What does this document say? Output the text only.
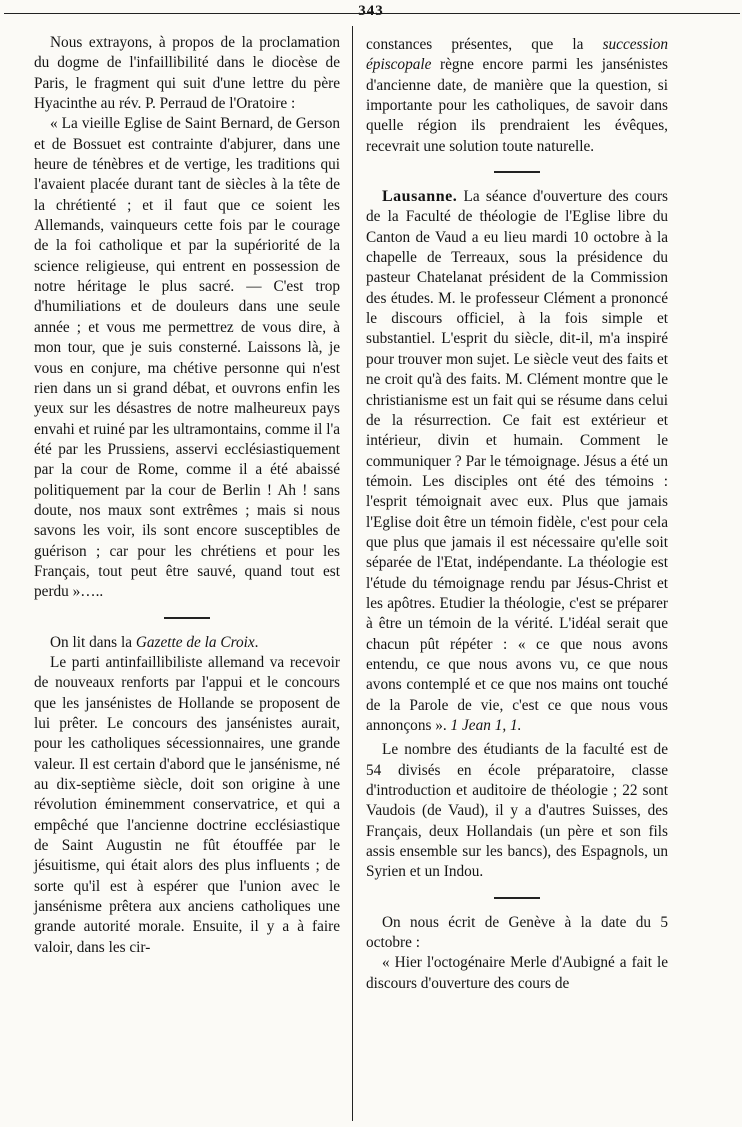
343

Nous extrayons, à propos de la proclamation du dogme de l'infaillibilité dans le diocèse de Paris, le fragment qui suit d'une lettre du père Hyacinthe au rév. P. Perraud de l'Oratoire :

« La vieille Eglise de Saint Bernard, de Gerson et de Bossuet est contrainte d'abjurer, dans une heure de ténèbres et de vertige, les traditions qui l'avaient placée durant tant de siècles à la tête de la chrétienté ; et il faut que ce soient les Allemands, vainqueurs cette fois par le courage de la foi catholique et par la supériorité de la science religieuse, qui entrent en possession de notre héritage le plus sacré. — C'est trop d'humiliations et de douleurs dans une seule année ; et vous me permettrez de vous dire, à mon tour, que je suis consterné. Laissons là, je vous en conjure, ma chétive personne qui n'est rien dans un si grand débat, et ouvrons enfin les yeux sur les désastres de notre malheureux pays envahi et ruiné par les ultramontains, comme il l'a été par les Prussiens, asservi ecclésiastiquement par la cour de Rome, comme il a été abaissé politiquement par la cour de Berlin ! Ah ! sans doute, nos maux sont extrêmes ; mais si nous savons les voir, ils sont encore susceptibles de guérison ; car pour les chrétiens et pour les Français, tout peut être sauvé, quand tout est perdu »…..

On lit dans la Gazette de la Croix.

Le parti antinfaillibiliste allemand va recevoir de nouveaux renforts par l'appui et le concours que les jansénistes de Hollande se proposent de lui prêter. Le concours des jansénistes aurait, pour les catholiques sécessionnaires, une grande valeur. Il est certain d'abord que le jansénisme, né au dix-septième siècle, doit son origine à une révolution éminemment conservatrice, et qui a empêché que l'ancienne doctrine ecclésiastique de Saint Augustin ne fût étouffée par le jésuitisme, qui était alors des plus influents ; de sorte qu'il est à espérer que l'union avec le jansénisme prêtera aux anciens catholiques une grande autorité morale. Ensuite, il y a à faire valoir, dans les cir-

constances présentes, que la succession épiscopale règne encore parmi les jansénistes d'ancienne date, de manière que la question, si importante pour les catholiques, de savoir dans quelle région ils prendraient les évêques, recevrait une solution toute naturelle.

Lausanne. La séance d'ouverture des cours de la Faculté de théologie de l'Eglise libre du Canton de Vaud a eu lieu mardi 10 octobre à la chapelle de Terreaux, sous la présidence du pasteur Chatelanat président de la Commission des études. M. le professeur Clément a prononcé le discours officiel, à la fois simple et substantiel. L'esprit du siècle, dit-il, m'a inspiré pour trouver mon sujet. Le siècle veut des faits et ne croit qu'à des faits. M. Clément montre que le christianisme est un fait qui se résume dans celui de la résurrection. Ce fait est extérieur et intérieur, divin et humain. Comment le communiquer ? Par le témoignage. Jésus a été un témoin. Les disciples ont été des témoins : l'esprit témoignait avec eux. Plus que jamais l'Eglise doit être un témoin fidèle, c'est pour cela que plus que jamais il est nécessaire qu'elle soit séparée de l'Etat, indépendante. La théologie est l'étude du témoignage rendu par Jésus-Christ et les apôtres. Etudier la théologie, c'est se préparer à être un témoin de la vérité. L'idéal serait que chacun pût répéter : « ce que nous avons entendu, ce que nous avons vu, ce que nous avons contemplé et ce que nos mains ont touché de la Parole de vie, c'est ce que nous vous annonçons ». 1 Jean 1, 1.

Le nombre des étudiants de la faculté est de 54 divisés en école préparatoire, classe d'introduction et auditoire de théologie ; 22 sont Vaudois (de Vaud), il y a d'autres Suisses, des Français, deux Hollandais (un père et son fils assis ensemble sur les bancs), des Espagnols, un Syrien et un Indou.

On nous écrit de Genève à la date du 5 octobre :

« Hier l'octogénaire Merle d'Aubigné a fait le discours d'ouverture des cours de
